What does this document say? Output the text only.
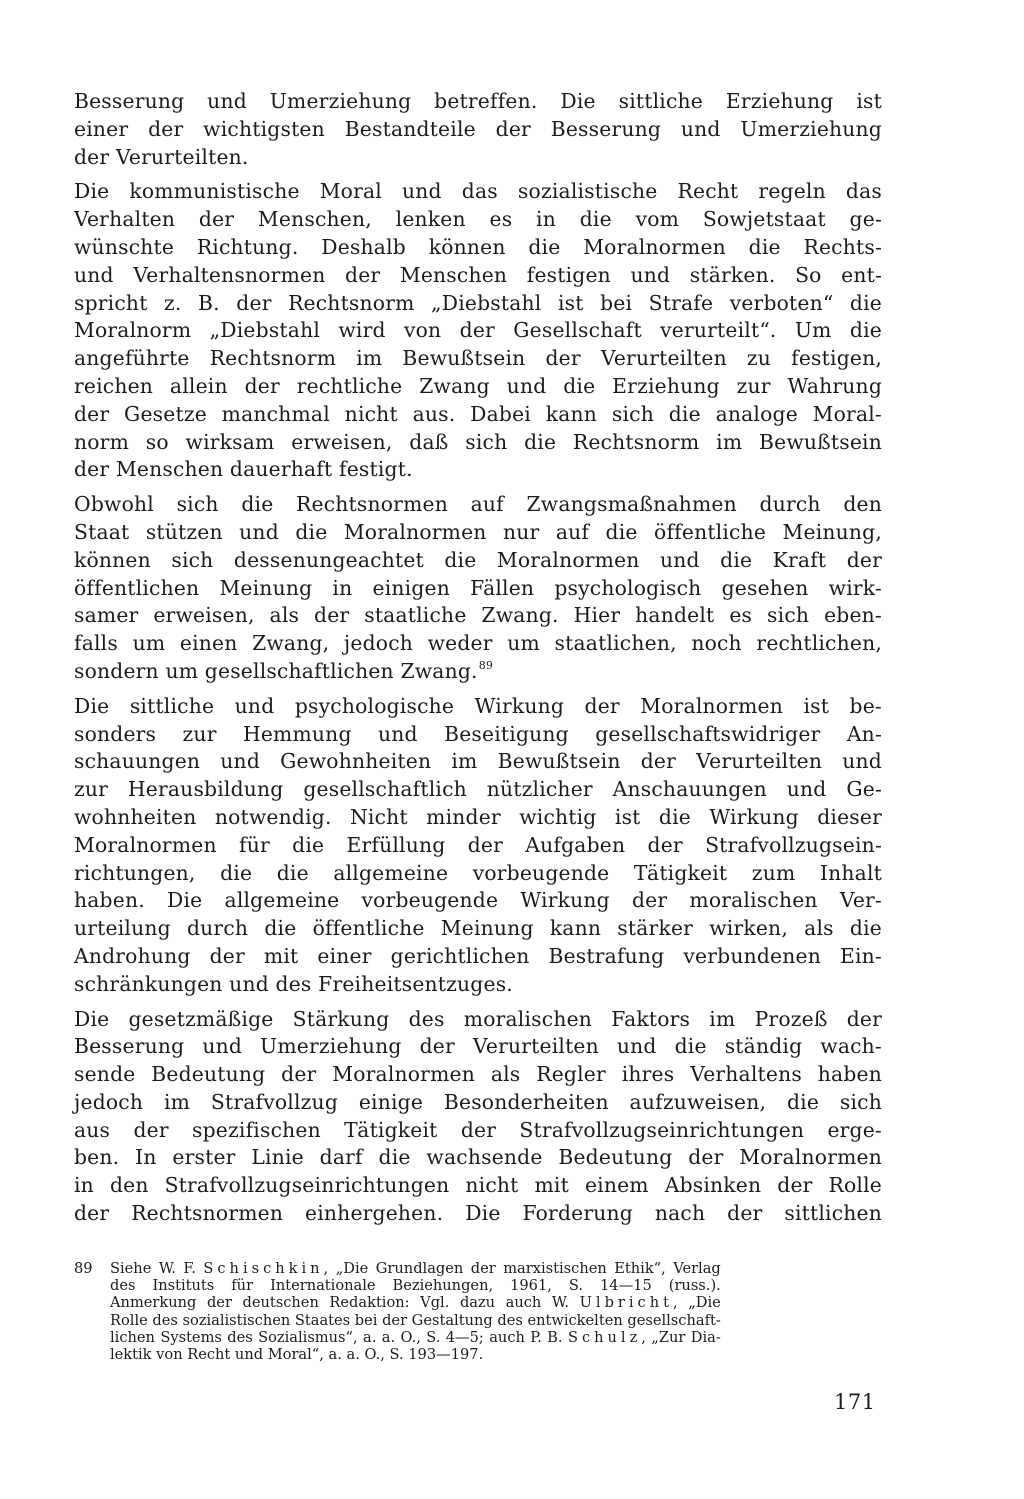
Besserung und Umerziehung betreffen. Die sittliche Erziehung ist
einer der wichtigsten Bestandteile der Besserung und Umerziehung
der Verurteilten.
Die kommunistische Moral und das sozialistische Recht regeln das
Verhalten der Menschen, lenken es in die vom Sowjetstaat ge-
wünschte Richtung. Deshalb können die Moralnormen die Rechts-
und Verhaltensnormen der Menschen festigen und stärken. So ent-
spricht z. B. der Rechtsnorm „Diebstahl ist bei Strafe verboten“ die
Moralnorm „Diebstahl wird von der Gesellschaft verurteilt“. Um die
angeführte Rechtsnorm im Bewußtsein der Verurteilten zu festigen,
reichen allein der rechtliche Zwang und die Erziehung zur Wahrung
der Gesetze manchmal nicht aus. Dabei kann sich die analoge Moral-
norm so wirksam erweisen, daß sich die Rechtsnorm im Bewußtsein
der Menschen dauerhaft festigt.
Obwohl sich die Rechtsnormen auf Zwangsmaßnahmen durch den
Staat stützen und die Moralnormen nur auf die öffentliche Meinung,
können sich dessenungeachtet die Moralnormen und die Kraft der
öffentlichen Meinung in einigen Fällen psychologisch gesehen wirk-
samer erweisen, als der staatliche Zwang. Hier handelt es sich eben-
falls um einen Zwang, jedoch weder um staatlichen, noch rechtlichen,
sondern um gesellschaftlichen Zwang.$^{89}$
Die sittliche und psychologische Wirkung der Moralnormen ist be-
sonders zur Hemmung und Beseitigung gesellschaftswidriger An-
schauungen und Gewohnheiten im Bewußtsein der Verurteilten und
zur Herausbildung gesellschaftlich nützlicher Anschauungen und Ge-
wohnheiten notwendig. Nicht minder wichtig ist die Wirkung dieser
Moralnormen für die Erfüllung der Aufgaben der Strafvollzugsein-
richtungen, die die allgemeine vorbeugende Tätigkeit zum Inhalt
haben. Die allgemeine vorbeugende Wirkung der moralischen Ver-
urteilung durch die öffentliche Meinung kann stärker wirken, als die
Androhung der mit einer gerichtlichen Bestrafung verbundenen Ein-
schränkungen und des Freiheitsentzuges.
Die gesetzmäßige Stärkung des moralischen Faktors im Prozeß der
Besserung und Umerziehung der Verurteilten und die ständig wach-
sende Bedeutung der Moralnormen als Regler ihres Verhaltens haben
jedoch im Strafvollzug einige Besonderheiten aufzuweisen, die sich
aus der spezifischen Tätigkeit der Strafvollzugseinrichtungen erge-
ben. In erster Linie darf die wachsende Bedeutung der Moralnormen
in den Strafvollzugseinrichtungen nicht mit einem Absinken der Rolle
der Rechtsnormen einhergehen. Die Forderung nach der sittlichen
89	Siehe W. F. Schischkin, „Die Grundlagen der marxistischen Ethik“, Verlag
des Instituts für Internationale Beziehungen, 1961, S. 14—15 (russ.).
Anmerkung der deutschen Redaktion: Vgl. dazu auch W. Ulbricht, „Die
Rolle des sozialistischen Staates bei der Gestaltung des entwickelten gesellschaft-
lichen Systems des Sozialismus“, a. a. O., S. 4—5; auch P. B. Schulz, „Zur Dia-
lektik von Recht und Moral“, a. a. O., S. 193—197.
171
